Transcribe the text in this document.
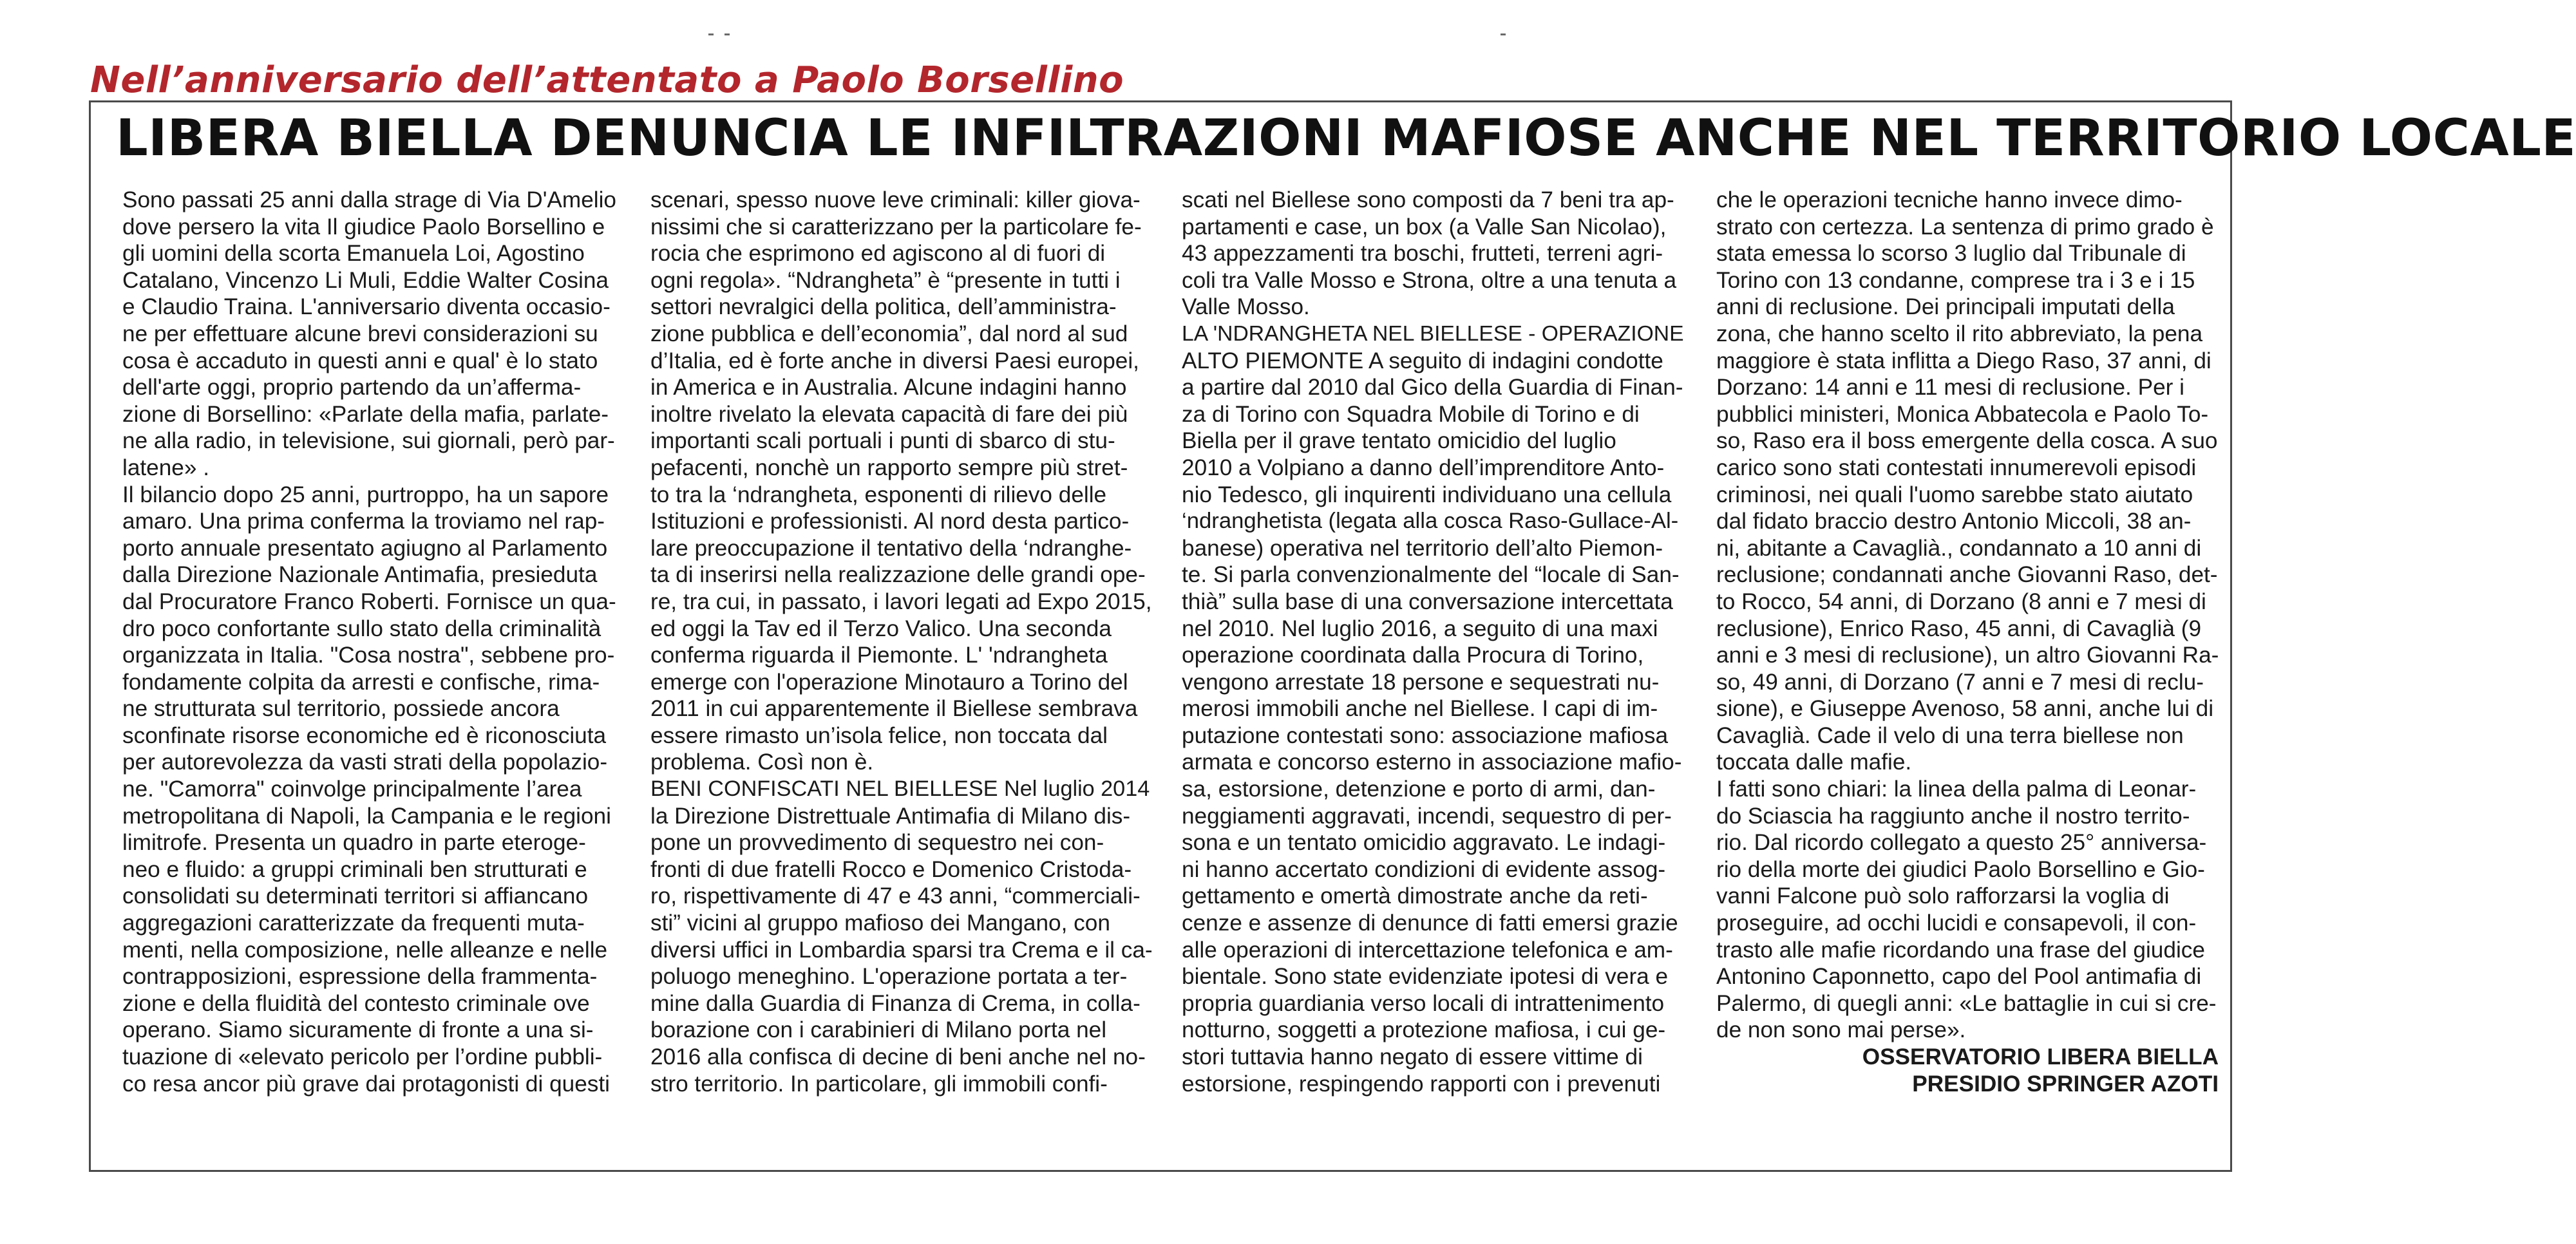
Nell’anniversario dell’attentato a Paolo Borsellino
LIBERA BIELLA DENUNCIA LE INFILTRAZIONI MAFIOSE ANCHE NEL TERRITORIO LOCALE

Sono passati 25 anni dalla strage di Via D'Amelio

dove persero la vita Il giudice Paolo Borsellino e

gli uomini della scorta Emanuela Loi, Agostino

Catalano, Vincenzo Li Muli, Eddie Walter Cosina

e Claudio Traina. L'anniversario diventa occasio-

ne per effettuare alcune brevi considerazioni su

cosa è accaduto in questi anni e qual' è lo stato

dell'arte oggi, proprio partendo da un’afferma-

zione di Borsellino: «Parlate della mafia, parlate-

ne alla radio, in televisione, sui giornali, però par-

latene» .

Il bilancio dopo 25 anni, purtroppo, ha un sapore

amaro. Una prima conferma la troviamo nel rap-

porto annuale presentato agiugno al Parlamento

dalla Direzione Nazionale Antimafia, presieduta

dal Procuratore Franco Roberti. Fornisce un qua-

dro poco confortante sullo stato della criminalità

organizzata in Italia. "Cosa nostra", sebbene pro-

fondamente colpita da arresti e confische, rima-

ne strutturata sul territorio, possiede ancora

sconfinate risorse economiche ed è riconosciuta

per autorevolezza da vasti strati della popolazio-

ne. "Camorra" coinvolge principalmente l’area

metropolitana di Napoli, la Campania e le regioni

limitrofe. Presenta un quadro in parte eteroge-

neo e fluido: a gruppi criminali ben strutturati e

consolidati su determinati territori si affiancano

aggregazioni caratterizzate da frequenti muta-

menti, nella composizione, nelle alleanze e nelle

contrapposizioni, espressione della frammenta-

zione e della fluidità del contesto criminale ove

operano. Siamo sicuramente di fronte a una si-

tuazione di «elevato pericolo per l’ordine pubbli-

co resa ancor più grave dai protagonisti di questi

scenari, spesso nuove leve criminali: killer giova-

nissimi che si caratterizzano per la particolare fe-

rocia che esprimono ed agiscono al di fuori di

ogni regola». “Ndrangheta” è “presente in tutti i

settori nevralgici della politica, dell’amministra-

zione pubblica e dell’economia”, dal nord al sud

d’Italia, ed è forte anche in diversi Paesi europei,

in America e in Australia. Alcune indagini hanno

inoltre rivelato la elevata capacità di fare dei più

importanti scali portuali i punti di sbarco di stu-

pefacenti, nonchè un rapporto sempre più stret-

to tra la ‘ndrangheta, esponenti di rilievo delle

Istituzioni e professionisti. Al nord desta partico-

lare preoccupazione il tentativo della ‘ndranghe-

ta di inserirsi nella realizzazione delle grandi ope-

re, tra cui, in passato, i lavori legati ad Expo 2015,

ed oggi la Tav ed il Terzo Valico. Una seconda

conferma riguarda il Piemonte. L' 'ndrangheta

emerge con l'operazione Minotauro a Torino del

2011 in cui apparentemente il Biellese sembrava

essere rimasto un’isola felice, non toccata dal

problema. Così non è.

BENI CONFISCATI NEL BIELLESE Nel luglio 2014

la Direzione Distrettuale Antimafia di Milano dis-

pone un provvedimento di sequestro nei con-

fronti di due fratelli Rocco e Domenico Cristoda-

ro, rispettivamente di 47 e 43 anni, “commerciali-

sti” vicini al gruppo mafioso dei Mangano, con

diversi uffici in Lombardia sparsi tra Crema e il ca-

poluogo meneghino. L'operazione portata a ter-

mine dalla Guardia di Finanza di Crema, in colla-

borazione con i carabinieri di Milano porta nel

2016 alla confisca di decine di beni anche nel no-

stro territorio. In particolare, gli immobili confi-

scati nel Biellese sono composti da 7 beni tra ap-

partamenti e case, un box (a Valle San Nicolao),

43 appezzamenti tra boschi, frutteti, terreni agri-

coli tra Valle Mosso e Strona, oltre a una tenuta a

Valle Mosso.

LA 'NDRANGHETA NEL BIELLESE - OPERAZIONE

ALTO PIEMONTE A seguito di indagini condotte

a partire dal 2010 dal Gico della Guardia di Finan-

za di Torino con Squadra Mobile di Torino e di

Biella per il grave tentato omicidio del luglio

2010 a Volpiano a danno dell’imprenditore Anto-

nio Tedesco, gli inquirenti individuano una cellula

‘ndranghetista (legata alla cosca Raso-Gullace-Al-

banese) operativa nel territorio dell’alto Piemon-

te. Si parla convenzionalmente del “locale di San-

thià” sulla base di una conversazione intercettata

nel 2010. Nel luglio 2016, a seguito di una maxi

operazione coordinata dalla Procura di Torino,

vengono arrestate 18 persone e sequestrati nu-

merosi immobili anche nel Biellese. I capi di im-

putazione contestati sono: associazione mafiosa

armata e concorso esterno in associazione mafio-

sa, estorsione, detenzione e porto di armi, dan-

neggiamenti aggravati, incendi, sequestro di per-

sona e un tentato omicidio aggravato. Le indagi-

ni hanno accertato condizioni di evidente assog-

gettamento e omertà dimostrate anche da reti-

cenze e assenze di denunce di fatti emersi grazie

alle operazioni di intercettazione telefonica e am-

bientale. Sono state evidenziate ipotesi di vera e

propria guardiania verso locali di intrattenimento

notturno, soggetti a protezione mafiosa, i cui ge-

stori tuttavia hanno negato di essere vittime di

estorsione, respingendo rapporti con i prevenuti

che le operazioni tecniche hanno invece dimo-

strato con certezza. La sentenza di primo grado è

stata emessa lo scorso 3 luglio dal Tribunale di

Torino con 13 condanne, comprese tra i 3 e i 15

anni di reclusione. Dei principali imputati della

zona, che hanno scelto il rito abbreviato, la pena

maggiore è stata inflitta a Diego Raso, 37 anni, di

Dorzano: 14 anni e 11 mesi di reclusione. Per i

pubblici ministeri, Monica Abbatecola e Paolo To-

so, Raso era il boss emergente della cosca. A suo

carico sono stati contestati innumerevoli episodi

criminosi, nei quali l'uomo sarebbe stato aiutato

dal fidato braccio destro Antonio Miccoli, 38 an-

ni, abitante a Cavaglià., condannato a 10 anni di

reclusione; condannati anche Giovanni Raso, det-

to Rocco, 54 anni, di Dorzano (8 anni e 7 mesi di

reclusione), Enrico Raso, 45 anni, di Cavaglià (9

anni e 3 mesi di reclusione), un altro Giovanni Ra-

so, 49 anni, di Dorzano (7 anni e 7 mesi di reclu-

sione), e Giuseppe Avenoso, 58 anni, anche lui di

Cavaglià. Cade il velo di una terra biellese non

toccata dalle mafie.

I fatti sono chiari: la linea della palma di Leonar-

do Sciascia ha raggiunto anche il nostro territo-

rio. Dal ricordo collegato a questo 25° anniversa-

rio della morte dei giudici Paolo Borsellino e Gio-

vanni Falcone può solo rafforzarsi la voglia di

proseguire, ad occhi lucidi e consapevoli, il con-

trasto alle mafie ricordando una frase del giudice

Antonino Caponnetto, capo del Pool antimafia di

Palermo, di quegli anni: «Le battaglie in cui si cre-

de non sono mai perse».

OSSERVATORIO LIBERA BIELLA

PRESIDIO SPRINGER AZOTI
